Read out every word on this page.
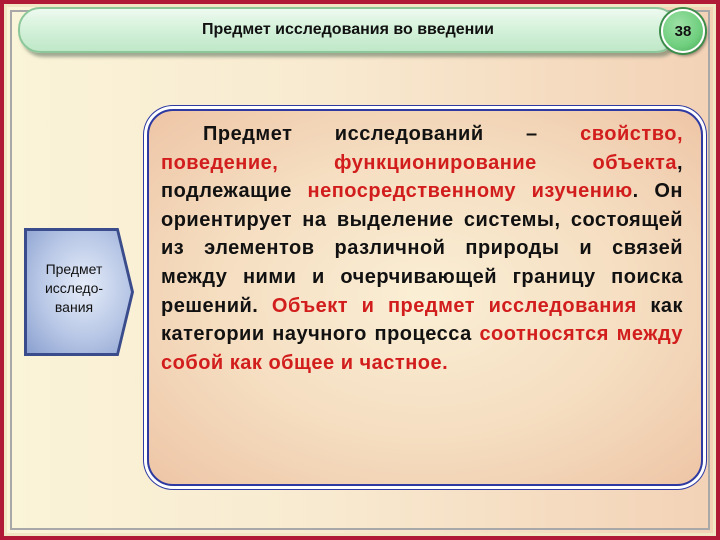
Предмет исследования во введении	38
Предмет
исследо-
вания
Предмет исследований – свойство, поведение, функционирование объекта, подлежащие непосредственному изучению. Он ориентирует на выделение системы, состоящей из элементов различной природы и связей между ними и очерчивающей границу поиска решений. Объект и предмет исследования как категории научного процесса соотносятся между собой как общее и частное.
